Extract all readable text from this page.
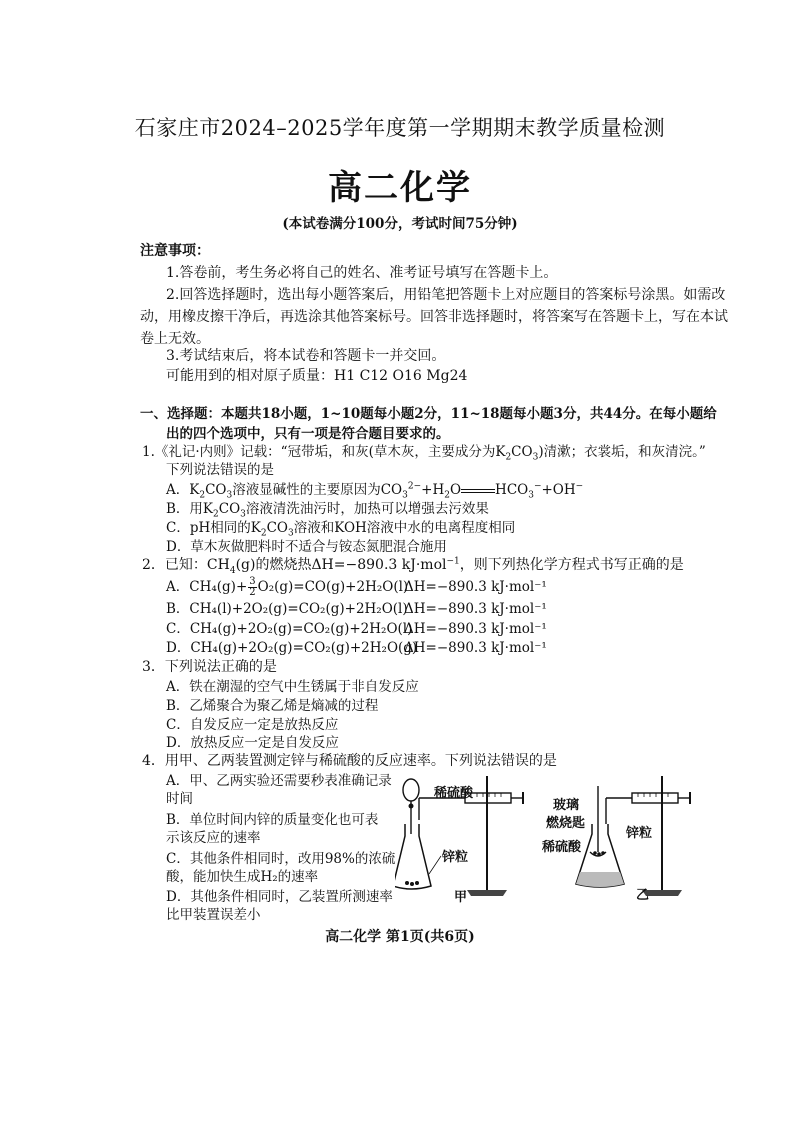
石家庄市2024–2025学年度第一学期期末教学质量检测
高二化学
(本试卷满分100分，考试时间75分钟)
注意事项：
1.答卷前，考生务必将自己的姓名、准考证号填写在答题卡上。
2.回答选择题时，选出每小题答案后，用铅笔把答题卡上对应题目的答案标号涂黑。如需改
动，用橡皮擦干净后，再选涂其他答案标号。回答非选择题时，将答案写在答题卡上，写在本试
卷上无效。
3.考试结束后，将本试卷和答题卡一并交回。
可能用到的相对原子质量：H1 C12 O16 Mg24
一、选择题：本题共18小题，1~10题每小题2分，11~18题每小题3分，共44分。在每小题给
出的四个选项中，只有一项是符合题目要求的。
1.《礼记·内则》记载：“冠带垢，和灰(草木灰，主要成分为$K_2CO_3$)清漱；衣裳垢，和灰清浣。”
下列说法错误的是
A．$K_2CO_3$溶液显碱性的主要原因为$CO_3^{2-}+H_2O$	$HCO_3^-+OH^-$
B．用$K_2CO_3$溶液清洗油污时，加热可以增强去污效果
C．pH相同的$K_2CO_3$溶液和KOH溶液中水的电离程度相同
D．草木灰做肥料时不适合与铵态氮肥混合施用
2．已知：$CH_4(g)$的燃烧热ΔH=−890.3 kJ·mol$^{-1}$，则下列热化学方程式书写正确的是
A．$CH_4(g)+ \frac{3}{2} O_2(g)=CO(g)+2H_2O(l)$
ΔH=−890.3 kJ·mol⁻¹
B．CH₄(l)+2O₂(g)=CO₂(g)+2H₂O(l)
ΔH=−890.3 kJ·mol⁻¹
C．CH₄(g)+2O₂(g)=CO₂(g)+2H₂O(l)
ΔH=−890.3 kJ·mol⁻¹
D．CH₄(g)+2O₂(g)=CO₂(g)+2H₂O(g)
ΔH=−890.3 kJ·mol⁻¹
3．下列说法正确的是
A．铁在潮湿的空气中生锈属于非自发反应
B．乙烯聚合为聚乙烯是熵减的过程
C．自发反应一定是放热反应
D．放热反应一定是自发反应
4．用甲、乙两装置测定锌与稀硫酸的反应速率。下列说法错误的是
A．甲、乙两实验还需要秒表准确记录
时间
B．单位时间内锌的质量变化也可表
示该反应的速率
C．其他条件相同时，改用98%的浓硫
酸，能加快生成H₂的速率
D．其他条件相同时，乙装置所测速率
比甲装置误差小
稀硫酸
锌粒
甲
玻璃
燃烧匙
稀硫酸
锌粒
乙
高二化学 第1页(共6页)
